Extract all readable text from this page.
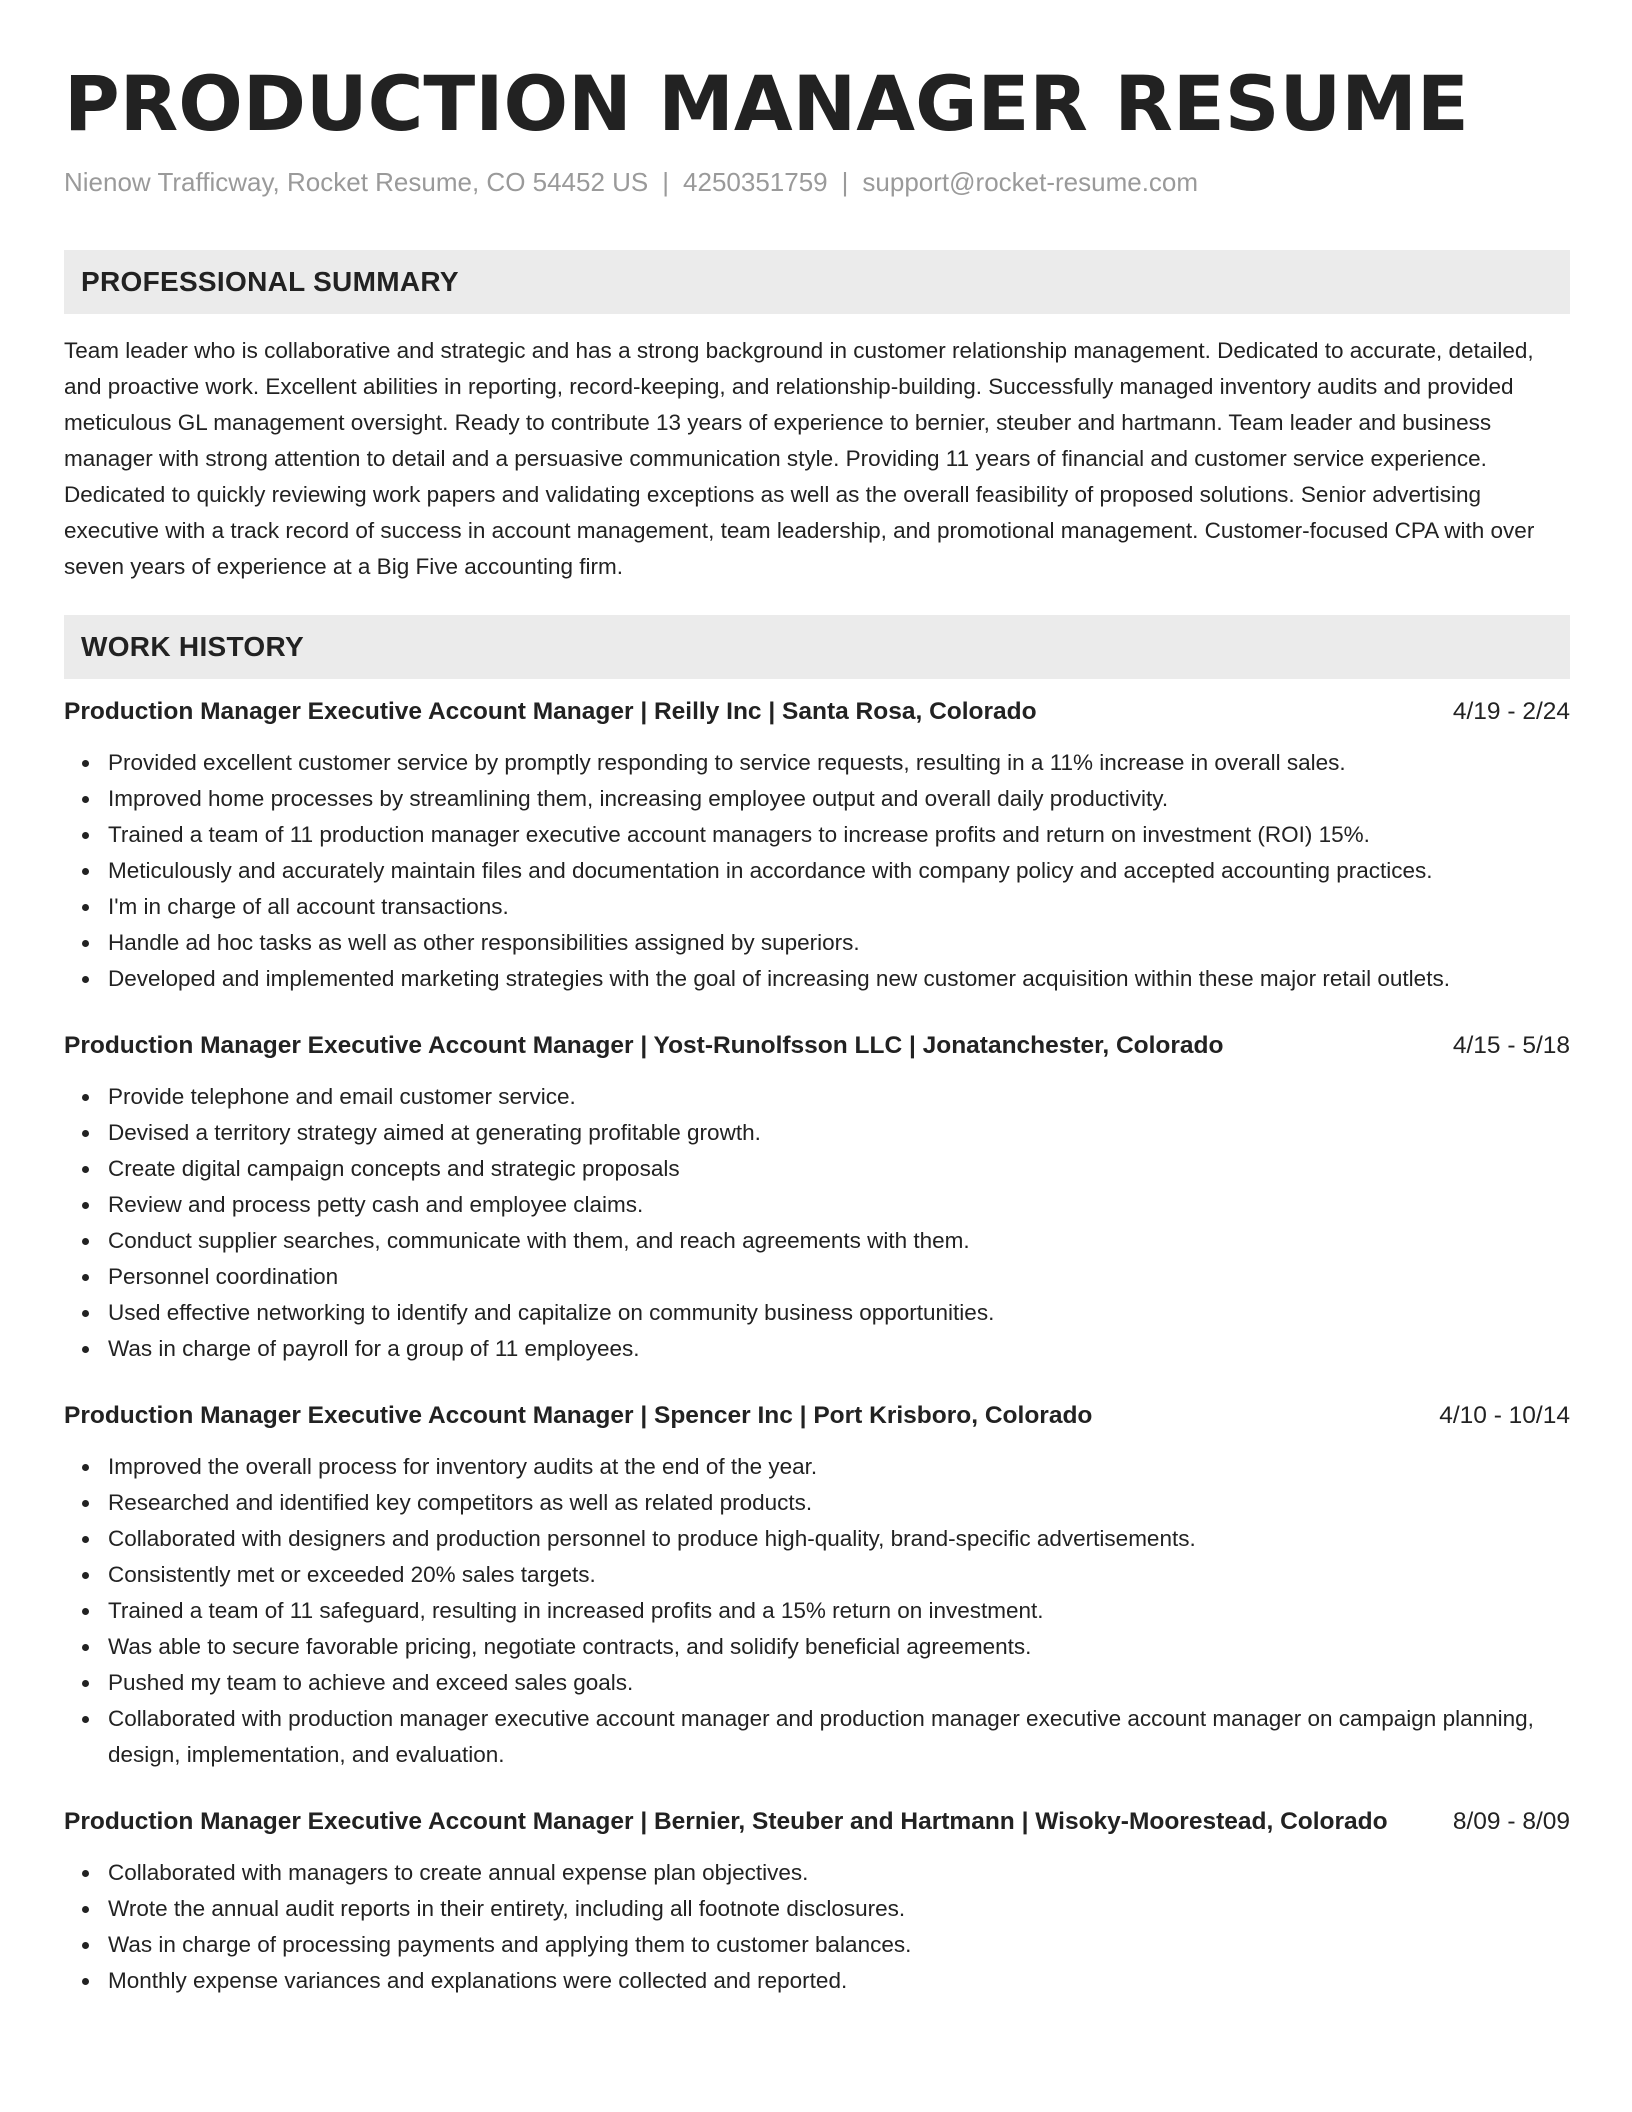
PRODUCTION MANAGER RESUME
Nienow Trafficway, Rocket Resume, CO 54452 US | 4250351759 | support@rocket-resume.com
PROFESSIONAL SUMMARY
Team leader who is collaborative and strategic and has a strong background in customer relationship management. Dedicated to accurate, detailed, and proactive work. Excellent abilities in reporting, record-keeping, and relationship-building. Successfully managed inventory audits and provided meticulous GL management oversight. Ready to contribute 13 years of experience to bernier, steuber and hartmann. Team leader and business manager with strong attention to detail and a persuasive communication style. Providing 11 years of financial and customer service experience. Dedicated to quickly reviewing work papers and validating exceptions as well as the overall feasibility of proposed solutions. Senior advertising executive with a track record of success in account management, team leadership, and promotional management. Customer-focused CPA with over seven years of experience at a Big Five accounting firm.
WORK HISTORY
Production Manager Executive Account Manager | Reilly Inc | Santa Rosa, Colorado	4/19 - 2/24
Provided excellent customer service by promptly responding to service requests, resulting in a 11% increase in overall sales.
Improved home processes by streamlining them, increasing employee output and overall daily productivity.
Trained a team of 11 production manager executive account managers to increase profits and return on investment (ROI) 15%.
Meticulously and accurately maintain files and documentation in accordance with company policy and accepted accounting practices.
I'm in charge of all account transactions.
Handle ad hoc tasks as well as other responsibilities assigned by superiors.
Developed and implemented marketing strategies with the goal of increasing new customer acquisition within these major retail outlets.
Production Manager Executive Account Manager | Yost-Runolfsson LLC | Jonatanchester, Colorado	4/15 - 5/18
Provide telephone and email customer service.
Devised a territory strategy aimed at generating profitable growth.
Create digital campaign concepts and strategic proposals
Review and process petty cash and employee claims.
Conduct supplier searches, communicate with them, and reach agreements with them.
Personnel coordination
Used effective networking to identify and capitalize on community business opportunities.
Was in charge of payroll for a group of 11 employees.
Production Manager Executive Account Manager | Spencer Inc | Port Krisboro, Colorado	4/10 - 10/14
Improved the overall process for inventory audits at the end of the year.
Researched and identified key competitors as well as related products.
Collaborated with designers and production personnel to produce high-quality, brand-specific advertisements.
Consistently met or exceeded 20% sales targets.
Trained a team of 11 safeguard, resulting in increased profits and a 15% return on investment.
Was able to secure favorable pricing, negotiate contracts, and solidify beneficial agreements.
Pushed my team to achieve and exceed sales goals.
Collaborated with production manager executive account manager and production manager executive account manager on campaign planning, design, implementation, and evaluation.
Production Manager Executive Account Manager | Bernier, Steuber and Hartmann | Wisoky-Moorestead, Colorado	8/09 - 8/09
Collaborated with managers to create annual expense plan objectives.
Wrote the annual audit reports in their entirety, including all footnote disclosures.
Was in charge of processing payments and applying them to customer balances.
Monthly expense variances and explanations were collected and reported.
